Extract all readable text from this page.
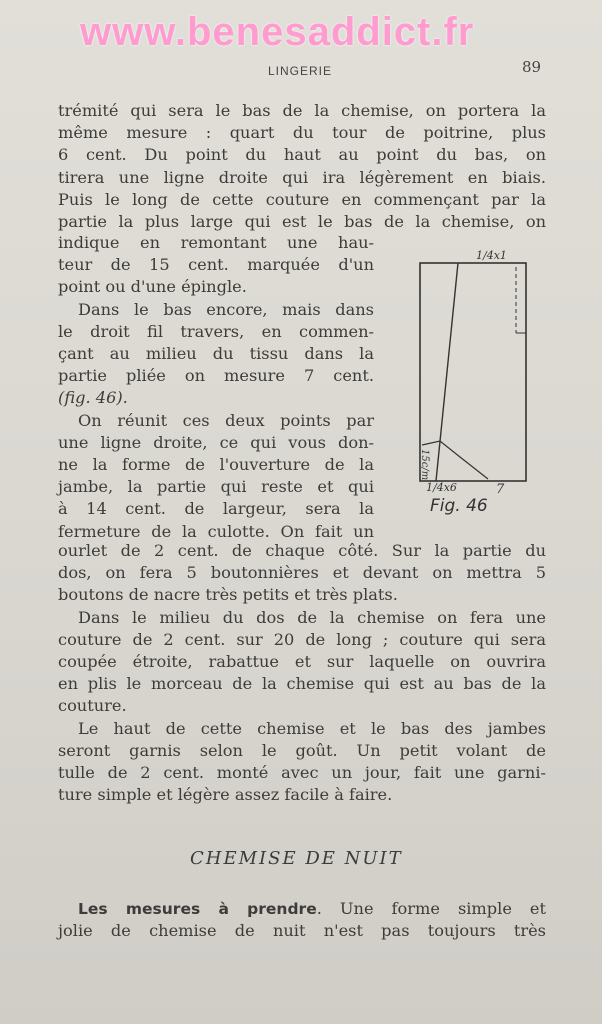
www.benesaddict.fr
LINGERIE	89
trémité qui sera le bas de la chemise, on portera la
même mesure : quart du tour de poitrine, plus
6 cent. Du point du haut au point du bas, on
tirera une ligne droite qui ira légèrement en biais.
Puis le long de cette couture en commençant par la
partie la plus large qui est le bas de la chemise, on
indique en remontant une hau-
teur de 15 cent. marquée d'un
point ou d'une épingle.
Dans le bas encore, mais dans
le droit fil travers, en commen-
çant au milieu du tissu dans la
partie pliée on mesure 7 cent.
(fig. 46).
On réunit ces deux points par
une ligne droite, ce qui vous don-
ne la forme de l'ouverture de la
jambe, la partie qui reste et qui
à 14 cent. de largeur, sera la
fermeture de la culotte. On fait un
1/4x1
1/4x6	7
15c/m
Fig. 46
ourlet de 2 cent. de chaque côté. Sur la partie du
dos, on fera 5 boutonnières et devant on mettra 5
boutons de nacre très petits et très plats.
Dans le milieu du dos de la chemise on fera une
couture de 2 cent. sur 20 de long ; couture qui sera
coupée étroite, rabattue et sur laquelle on ouvrira
en plis le morceau de la chemise qui est au bas de la
couture.
Le haut de cette chemise et le bas des jambes
seront garnis selon le goût. Un petit volant de
tulle de 2 cent. monté avec un jour, fait une garni-
ture simple et légère assez facile à faire.
CHEMISE DE NUIT
Les mesures à prendre. Une forme simple et
jolie de chemise de nuit n'est pas toujours très
